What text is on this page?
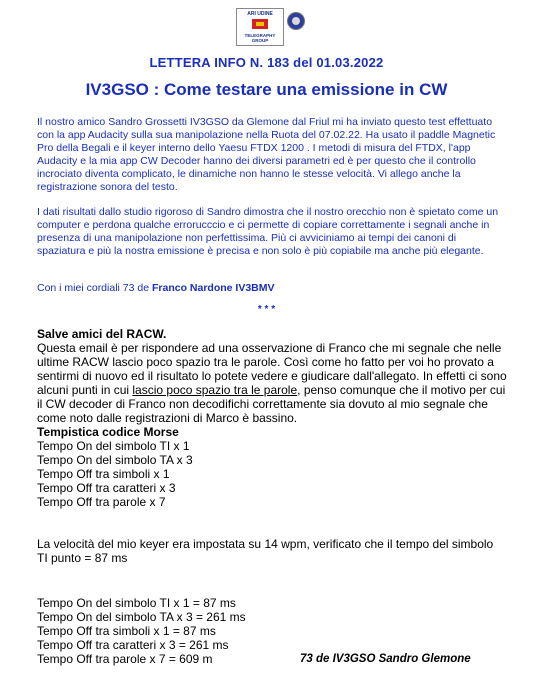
ARI UDINE
TELEGRAPHY GROUP
LETTERA INFO N. 183 del 01.03.2022
IV3GSO : Come testare una emissione in CW
Il nostro amico Sandro Grossetti IV3GSO da Glemone dal Friul mi ha inviato questo test effettuato con la app Audacity sulla sua manipolazione nella Ruota del 07.02.22. Ha usato il paddle Magnetic Pro della Begali e il keyer interno dello Yaesu FTDX 1200 . I metodi di misura del FTDX, l'app Audacity e la mia app CW Decoder hanno dei diversi parametri ed è per questo che il controllo incrociato diventa complicato, le dinamiche non hanno le stesse velocità. Vi allego anche la registrazione sonora del testo.
I dati risultati dallo studio rigoroso di Sandro dimostra che il nostro orecchio non è spietato come un computer e perdona qualche errorucccio e ci permette di copiare correttamente i segnali anche in presenza di una manipolazione non perfettissima. Più ci avviciniamo ai tempi dei canoni di spaziatura e più la nostra emissione è precisa e non solo è più copiabile ma anche più elegante.
Con i miei cordiali 73 de Franco Nardone IV3BMV
* * *
Salve amici del RACW.
Questa email è per rispondere ad una osservazione di Franco che mi segnale che nelle ultime RACW lascio poco spazio tra le parole. Così come ho fatto per voi ho provato a sentirmi di nuovo ed il risultato lo potete vedere e giudicare dall'allegato. In effetti ci sono alcuni punti in cui lascio poco spazio tra le parole, penso comunque che il motivo per cui il CW decoder di Franco non decodifichi correttamente sia dovuto al mio segnale che come noto dalle registrazioni di Marco è bassino.
Tempistica codice Morse
Tempo On del simbolo TI x 1
Tempo On del simbolo TA x 3
Tempo Off tra simboli x 1
Tempo Off tra caratteri x 3
Tempo Off tra parole x 7
La velocità del mio keyer era impostata su 14 wpm, verificato che il tempo del simbolo
TI punto = 87 ms
Tempo On del simbolo TI x 1 = 87 ms
Tempo On del simbolo TA x 3 = 261 ms
Tempo Off tra simboli x 1 = 87 ms
Tempo Off tra caratteri x 3 = 261 ms
Tempo Off tra parole x 7 = 609 m	73 de IV3GSO Sandro Glemone
